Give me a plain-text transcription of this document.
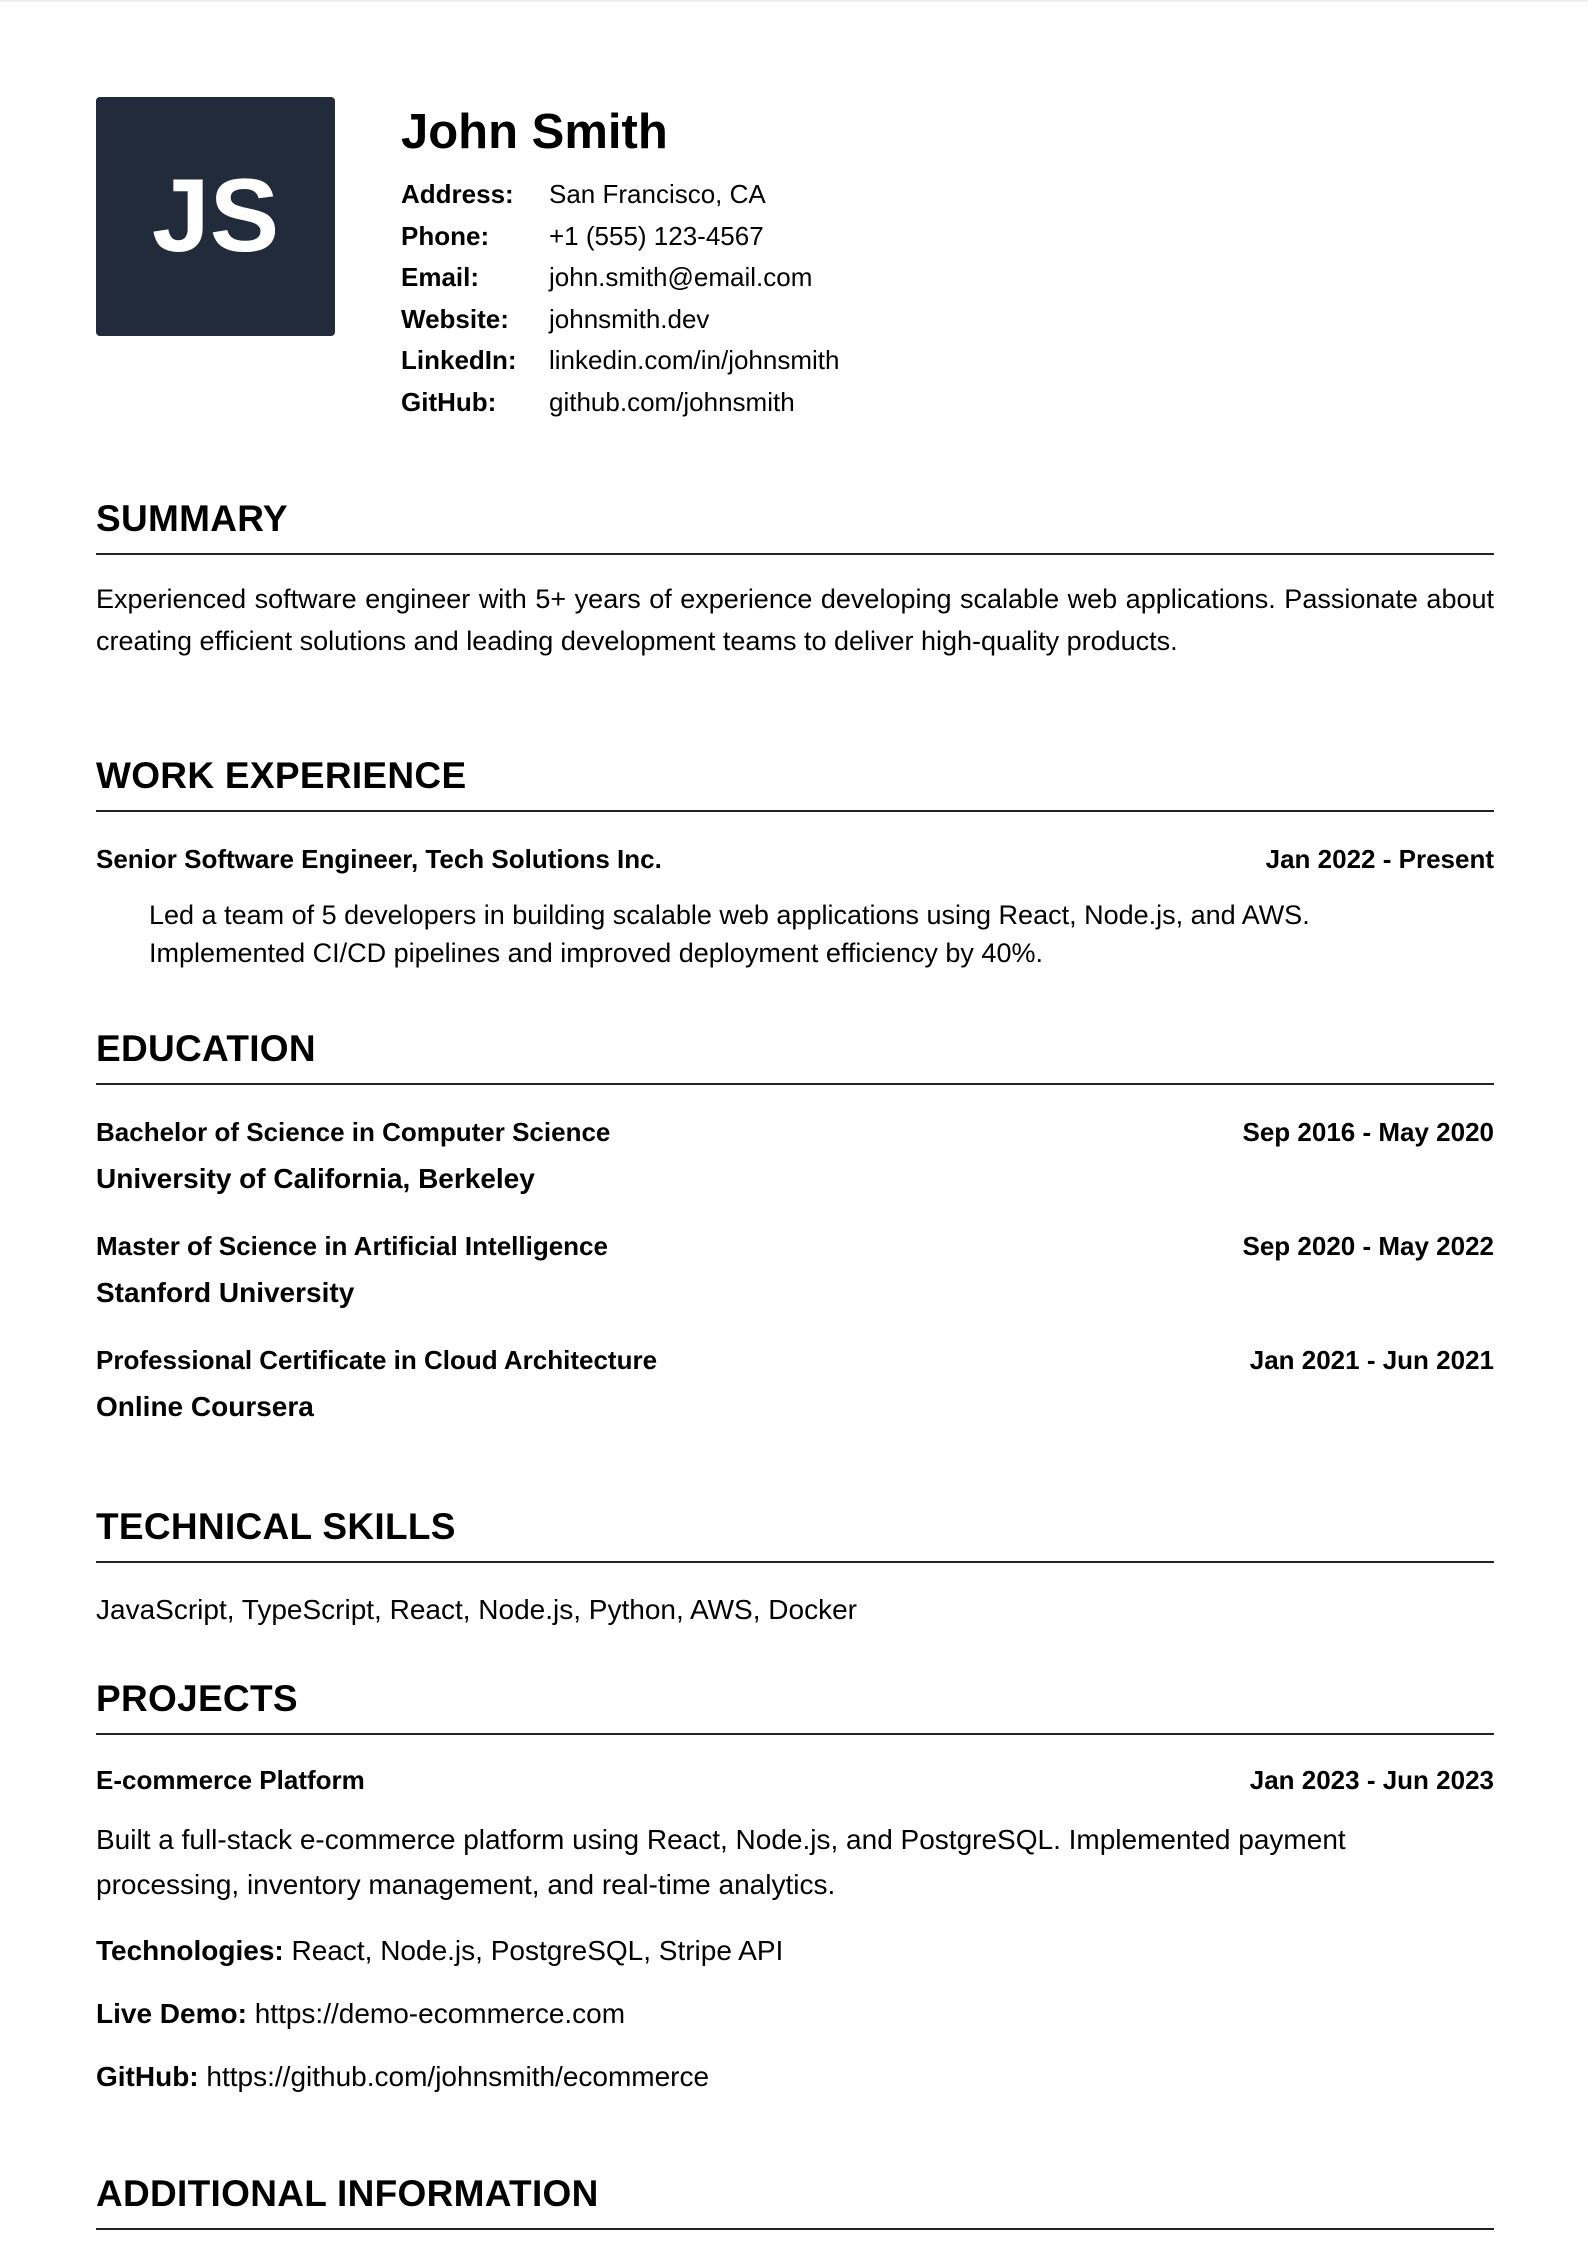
JS
John Smith
Address:	San Francisco, CA
Phone:	+1 (555) 123-4567
Email:	john.smith@email.com
Website:	johnsmith.dev
LinkedIn:	linkedin.com/in/johnsmith
GitHub:	github.com/johnsmith
SUMMARY
Experienced software engineer with 5+ years of experience developing scalable web applications. Passionate about creating efficient solutions and leading development teams to deliver high-quality products.
WORK EXPERIENCE
Senior Software Engineer, Tech Solutions Inc.	Jan 2022 - Present
Led a team of 5 developers in building scalable web applications using React, Node.js, and AWS.
Implemented CI/CD pipelines and improved deployment efficiency by 40%.
EDUCATION
Bachelor of Science in Computer Science	Sep 2016 - May 2020
University of California, Berkeley
Master of Science in Artificial Intelligence	Sep 2020 - May 2022
Stanford University
Professional Certificate in Cloud Architecture	Jan 2021 - Jun 2021
Online Coursera
TECHNICAL SKILLS
JavaScript, TypeScript, React, Node.js, Python, AWS, Docker
PROJECTS
E-commerce Platform	Jan 2023 - Jun 2023
Built a full-stack e-commerce platform using React, Node.js, and PostgreSQL. Implemented payment processing, inventory management, and real-time analytics.
Technologies: React, Node.js, PostgreSQL, Stripe API
Live Demo: https://demo-ecommerce.com
GitHub: https://github.com/johnsmith/ecommerce
ADDITIONAL INFORMATION
